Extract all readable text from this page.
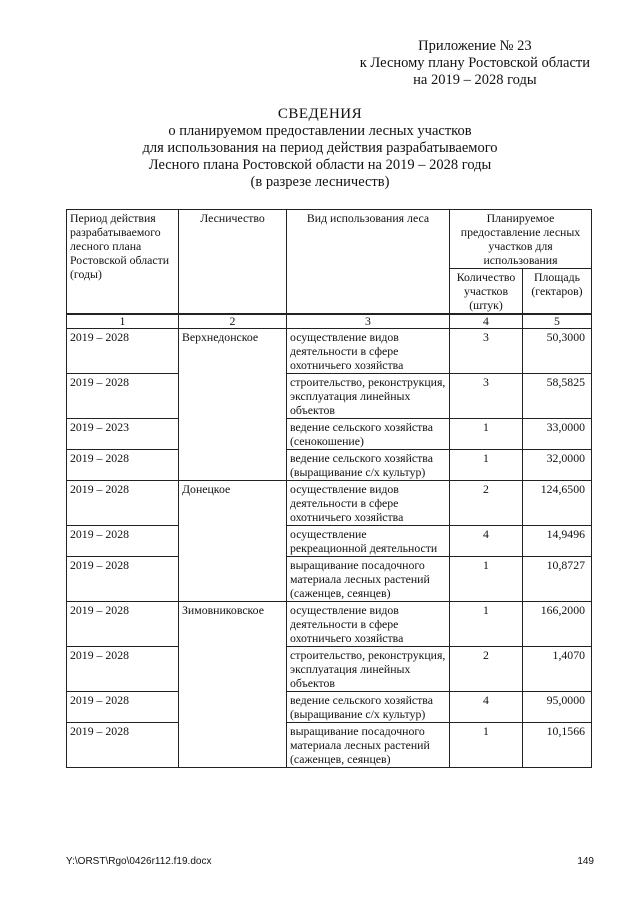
Приложение № 23
к Лесному плану Ростовской области
на 2019 – 2028 годы
СВЕДЕНИЯ
о планируемом предоставлении лесных участков
для использования на период действия разрабатываемого
Лесного плана Ростовской области на 2019 – 2028 годы
(в разрезе лесничеств)
Период действия разрабатываемого лесного плана Ростовской области (годы)	Лесничество	Вид использования леса	Планируемое предоставление лесных участков для использования	
			Количество участков (штук)	Площадь (гектаров)
1	2	3	4	5
2019 – 2028	Верхнедонское	осуществление видов деятельности в сфере охотничьего хозяйства	3	50,3000
2019 – 2028		строительство, реконструкция, эксплуатация линейных объектов	3	58,5825
2019 – 2023		ведение сельского хозяйства (сенокошение)	1	33,0000
2019 – 2028		ведение сельского хозяйства (выращивание с/х культур)	1	32,0000
2019 – 2028	Донецкое	осуществление видов деятельности в сфере охотничьего хозяйства	2	124,6500
2019 – 2028		осуществление рекреационной деятельности	4	14,9496
2019 – 2028		выращивание посадочного материала лесных растений (саженцев, сеянцев)	1	10,8727
2019 – 2028	Зимовниковское	осуществление видов деятельности в сфере охотничьего хозяйства	1	166,2000
2019 – 2028		строительство, реконструкция, эксплуатация линейных объектов	2	1,4070
2019 – 2028		ведение сельского хозяйства (выращивание с/х культур)	4	95,0000
2019 – 2028		выращивание посадочного материала лесных растений (саженцев, сеянцев)	1	10,1566
Y:\ORST\Rgo\0426r112.f19.docx	149
